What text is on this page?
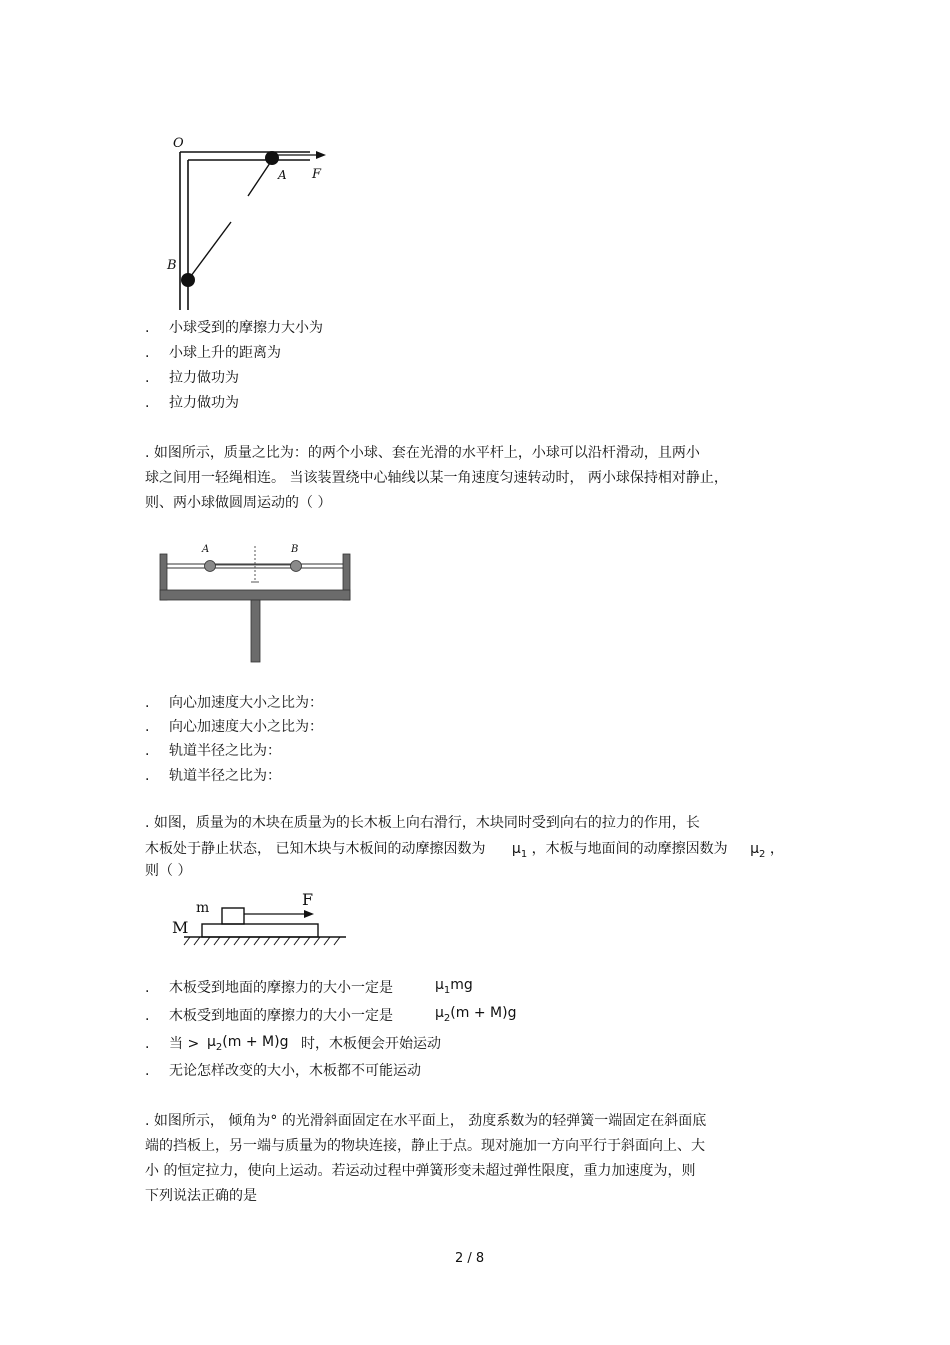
O
A F
B
. 小球受到的摩擦力大小为
. 小球上升的距离为
. 拉力做功为
. 拉力做功为
. 如图所示，质量之比为：的两个小球、套在光滑的水平杆上，小球可以沿杆滑动，且两小
球之间用一轻绳相连。 当该装置绕中心轴线以某一角速度匀速转动时， 两小球保持相对静止，
则、两小球做圆周运动的（ ）
A	B
. 向心加速度大小之比为：
. 向心加速度大小之比为：
. 轨道半径之比为：
. 轨道半径之比为：
. 如图，质量为的木块在质量为的长木板上向右滑行，木块同时受到向右的拉力的作用，长
木板处于静止状态， 已知木块与木板间的动摩擦因数为 $\mu_1$ ，木板与地面间的动摩擦因数为 $\mu_2$ ，
则（ ）
m
M
F
. 木板受到地面的摩擦力的大小一定是	$\mu_1mg$
. 木板受到地面的摩擦力的大小一定是	$\mu_2(m + M)g$
. 当 > $\mu_2(m + M)g$ 时，木板便会开始运动
. 无论怎样改变的大小，木板都不可能运动
. 如图所示， 倾角为° 的光滑斜面固定在水平面上， 劲度系数为的轻弹簧一端固定在斜面底
端的挡板上，另一端与质量为的物块连接，静止于点。现对施加一方向平行于斜面向上、大
小 的恒定拉力，使向上运动。若运动过程中弹簧形变未超过弹性限度，重力加速度为，则
下列说法正确的是
2 / 8
